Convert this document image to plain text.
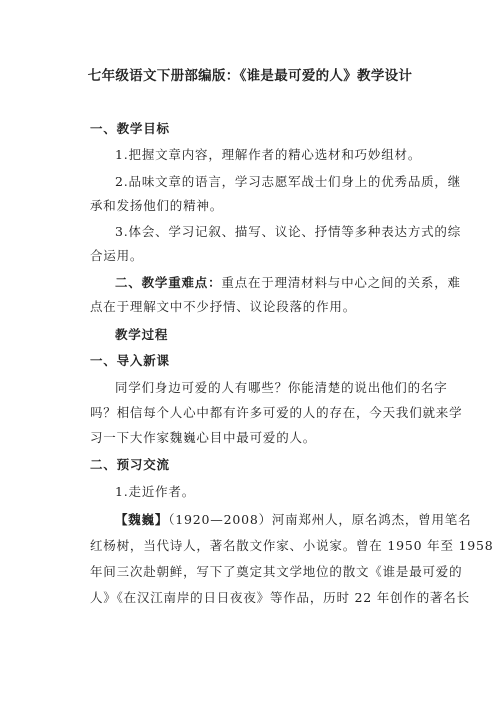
七年级语文下册部编版：《谁是最可爱的人》教学设计
一、教学目标
1.把握文章内容，理解作者的精心选材和巧妙组材。
2.品味文章的语言，学习志愿军战士们身上的优秀品质，继
承和发扬他们的精神。
3.体会、学习记叙、描写、议论、抒情等多种表达方式的综
合运用。
二、教学重难点：重点在于理清材料与中心之间的关系，难
点在于理解文中不少抒情、议论段落的作用。
教学过程
一、导入新课
同学们身边可爱的人有哪些？你能清楚的说出他们的名字
吗？相信每个人心中都有许多可爱的人的存在，今天我们就来学
习一下大作家魏巍心目中最可爱的人。
二、预习交流
1.走近作者。
【魏巍】（1920—2008）河南郑州人，原名鸿杰，曾用笔名
红杨树，当代诗人，著名散文作家、小说家。曾在 1950 年至 1958
年间三次赴朝鲜，写下了奠定其文学地位的散文《谁是最可爱的
人》《在汉江南岸的日日夜夜》等作品，历时 22 年创作的著名长
